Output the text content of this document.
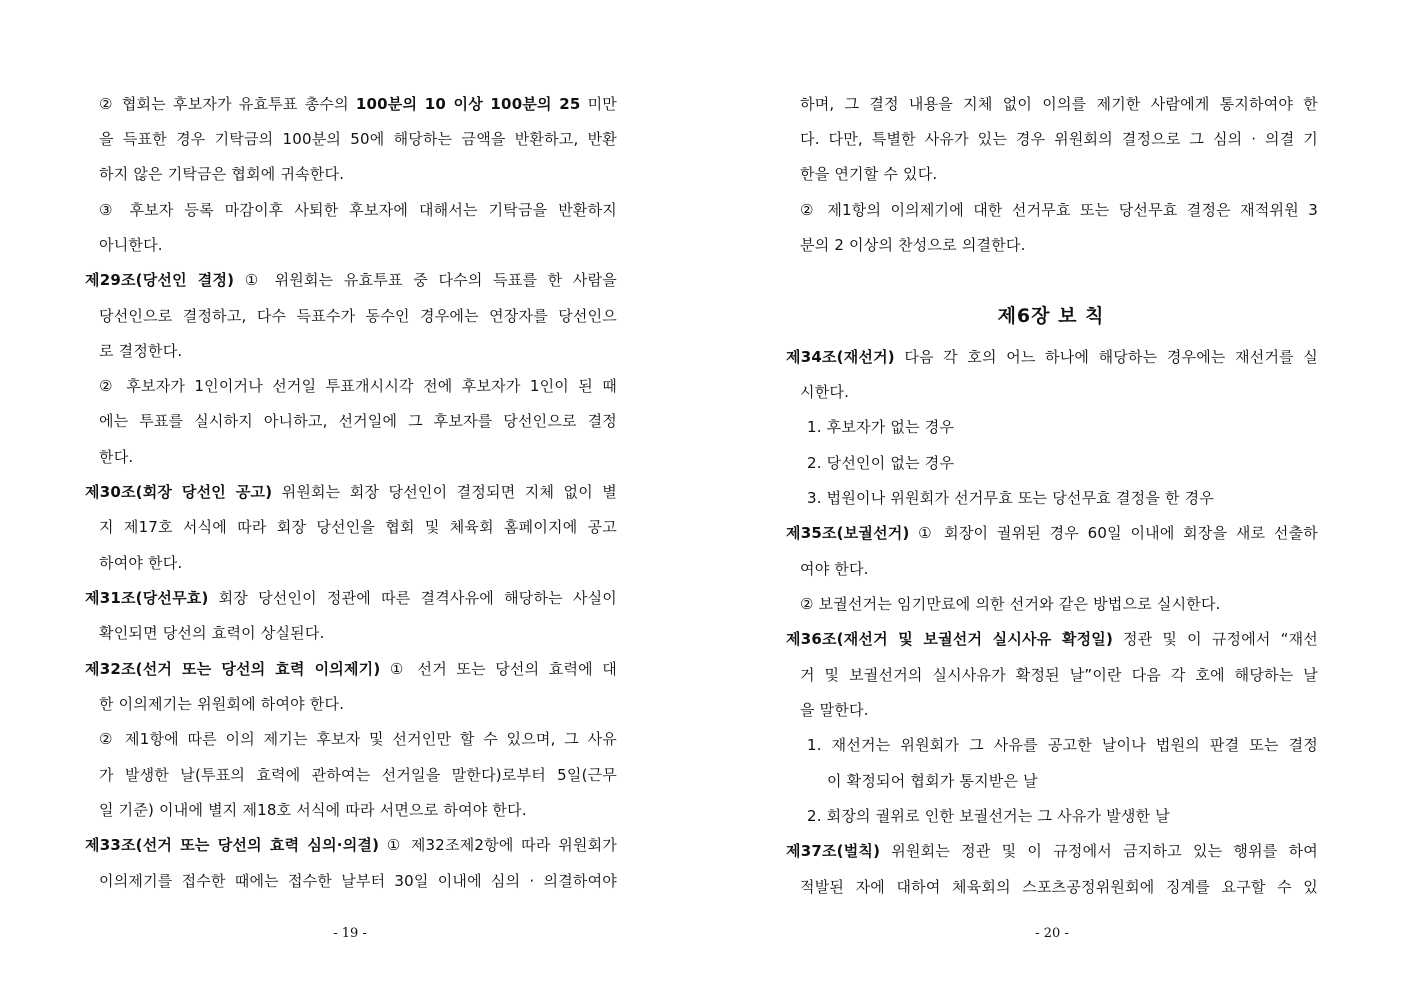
② 협회는 후보자가 유효투표 총수의 100분의 10 이상 100분의 25 미만

을 득표한 경우 기탁금의 100분의 50에 해당하는 금액을 반환하고, 반환

하지 않은 기탁금은 협회에 귀속한다.

③ 후보자 등록 마감이후 사퇴한 후보자에 대해서는 기탁금을 반환하지

아니한다.

제29조(당선인 결정) ① 위원회는 유효투표 중 다수의 득표를 한 사람을

당선인으로 결정하고, 다수 득표수가 동수인 경우에는 연장자를 당선인으

로 결정한다.

② 후보자가 1인이거나 선거일 투표개시시각 전에 후보자가 1인이 된 때

에는 투표를 실시하지 아니하고, 선거일에 그 후보자를 당선인으로 결정

한다.

제30조(회장 당선인 공고) 위원회는 회장 당선인이 결정되면 지체 없이 별

지 제17호 서식에 따라 회장 당선인을 협회 및 체육회 홈페이지에 공고

하여야 한다.

제31조(당선무효) 회장 당선인이 정관에 따른 결격사유에 해당하는 사실이

확인되면 당선의 효력이 상실된다.

제32조(선거 또는 당선의 효력 이의제기) ① 선거 또는 당선의 효력에 대

한 이의제기는 위원회에 하여야 한다.

② 제1항에 따른 이의 제기는 후보자 및 선거인만 할 수 있으며, 그 사유

가 발생한 날(투표의 효력에 관하여는 선거일을 말한다)로부터 5일(근무

일 기준) 이내에 별지 제18호 서식에 따라 서면으로 하여야 한다.

제33조(선거 또는 당선의 효력 심의·의결) ① 제32조제2항에 따라 위원회가

이의제기를 접수한 때에는 접수한 날부터 30일 이내에 심의 · 의결하여야

- 19 -

하며, 그 결정 내용을 지체 없이 이의를 제기한 사람에게 통지하여야 한

다. 다만, 특별한 사유가 있는 경우 위원회의 결정으로 그 심의 · 의결 기

한을 연기할 수 있다.

② 제1항의 이의제기에 대한 선거무효 또는 당선무효 결정은 재적위원 3

분의 2 이상의 찬성으로 의결한다.

제6장 보 칙

제34조(재선거) 다음 각 호의 어느 하나에 해당하는 경우에는 재선거를 실

시한다.

1. 후보자가 없는 경우

2. 당선인이 없는 경우

3. 법원이나 위원회가 선거무효 또는 당선무효 결정을 한 경우

제35조(보궐선거) ① 회장이 궐위된 경우 60일 이내에 회장을 새로 선출하

여야 한다.

② 보궐선거는 임기만료에 의한 선거와 같은 방법으로 실시한다.

제36조(재선거 및 보궐선거 실시사유 확정일) 정관 및 이 규정에서 “재선

거 및 보궐선거의 실시사유가 확정된 날”이란 다음 각 호에 해당하는 날

을 말한다.

1. 재선거는 위원회가 그 사유를 공고한 날이나 법원의 판결 또는 결정

이 확정되어 협회가 통지받은 날

2. 회장의 궐위로 인한 보궐선거는 그 사유가 발생한 날

제37조(벌칙) 위원회는 정관 및 이 규정에서 금지하고 있는 행위를 하여

적발된 자에 대하여 체육회의 스포츠공정위원회에 징계를 요구할 수 있

- 20 -
